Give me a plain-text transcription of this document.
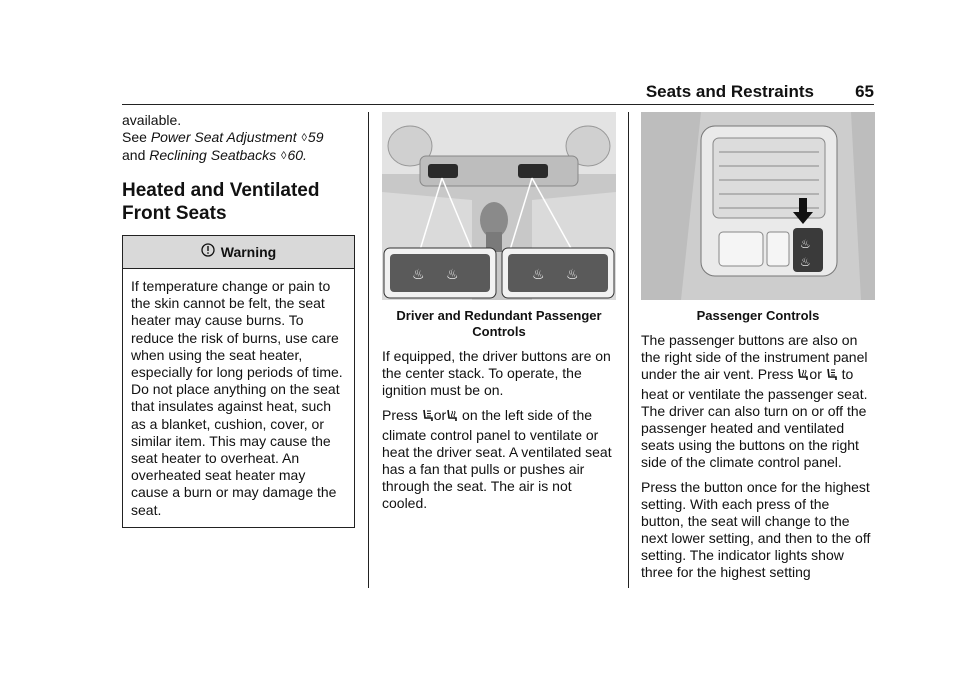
Seats and Restraints 65
available.
See Power Seat Adjustment ◊59
and Reclining Seatbacks ◊60.
Heated and Ventilated
Front Seats
Warning
If temperature change or pain to the skin cannot be felt, the seat heater may cause burns. To reduce the risk of burns, use care when using the seat heater, especially for long periods of time. Do not place anything on the seat that insulates against heat, such as a blanket, cushion, cover, or similar item. This may cause the seat heater to overheat. An overheated seat heater may cause a burn or may damage the seat.
♨ ♨	♨ ♨
Driver and Redundant Passenger Controls
If equipped, the driver buttons are on the center stack. To operate, the ignition must be on.
Press or on the left side of the climate control panel to ventilate or heat the driver seat. A ventilated seat has a fan that pulls or pushes air through the seat. The air is not cooled.
♨
♨
Passenger Controls
The passenger buttons are also on the right side of the instrument panel under the air vent. Press or to heat or ventilate the passenger seat. The driver can also turn on or off the passenger heated and ventilated seats using the buttons on the right side of the climate control panel.
Press the button once for the highest setting. With each press of the button, the seat will change to the next lower setting, and then to the off setting. The indicator lights show three for the highest setting
